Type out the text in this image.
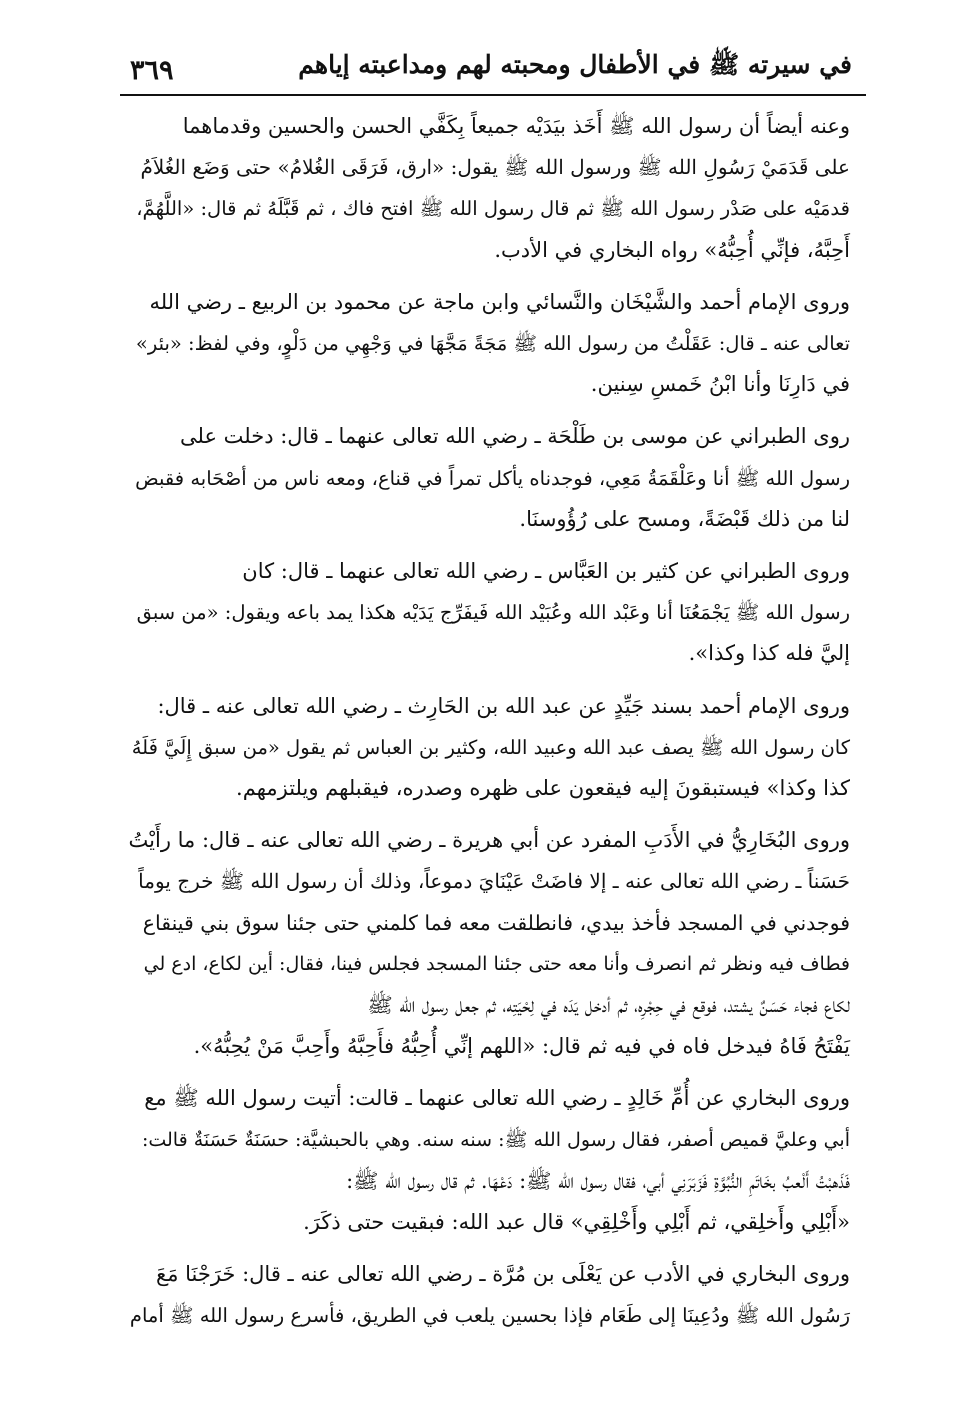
في سيرته ﷺ في الأطفال ومحبته لهم ومداعبته إياهم
٣٦٩

وعنه أيضاً أن رسول الله ﷺ أَخَذ بيَدَيْه جميعاً بِكَفَّي الحسن والحسين وقدماهما
على قَدَمَيْ رَسُولِ الله ﷺ ورسول الله ﷺ يقول: «ارق، فَرَقَى الغُلامُ» حتى وَضَع الغُلاَمُ
قدمَيْه على صَدْر رسول الله ﷺ ثم قال رسول الله ﷺ افتح فاك ، ثم قَبَّلَهُ ثم قال: «اللَّهُمَّ،
أَحِبَّهُ، فإنِّي أُحِبُّهُ» رواه البخاري في الأدب.

وروى الإمام أحمد والشَّيْخَان والنَّسائي وابن ماجة عن محمود بن الربيع ـ رضي الله
تعالى عنه ـ قال: عَقَلْتُ من رسول الله ﷺ مَجَةً مَجَّهَا في وَجْهِي من دَلْوٍ، وفي لفظ: «بئر»
في دَارِنَا وأنا ابْنُ خَمسِ سِنين.

روى الطبراني عن موسى بن طَلْحَة ـ رضي الله تعالى عنهما ـ قال: دخلت على
رسول الله ﷺ أنا وعَلْقَمَةُ مَعِي، فوجدناه يأكل تمراً في قناع، ومعه ناس من أصْحَابه فقبض
لنا من ذلك قَبْضَةً، ومسح على رُؤُوسنَا.

وروى الطبراني عن كثير بن العَبَّاس ـ رضي الله تعالى عنهما ـ قال: كان
رسول الله ﷺ يَجْمَعُنَا أنا وعَبْد الله وعُبَيْد الله فَيفَرِّج يَدَيْه هكذا يمد باعه ويقول: «من سبق
إليَّ فله كذا وكذا».

وروى الإمام أحمد بسند جَيِّدٍ عن عبد الله بن الحَارِث ـ رضي الله تعالى عنه ـ قال:
كان رسول الله ﷺ يصف عبد الله وعبيد الله، وكثير بن العباس ثم يقول «من سبق إِلَيَّ فَلَهُ
كذا وكذا» فيستبقونَ إليه فيقعون على ظهره وصدره، فيقبلهم ويلتزمهم.

وروى البُخَارِيُّ في الأَدَبِ المفرد عن أبي هريرة ـ رضي الله تعالى عنه ـ قال: ما رأَيْتُ
حَسَناً ـ رضي الله تعالى عنه ـ إلا فاضَتْ عَيْنَايَ دموعاً، وذلك أن رسول الله ﷺ خرج يوماً
فوجدني في المسجد فأخذ بيدي، فانطلقت معه فما كلمني حتى جئنا سوق بني قينقاع
فطاف فيه ونظر ثم انصرف وأنا معه حتى جئنا المسجد فجلس فينا، فقال: أين لكاع، ادع لي
لكاع فجاء حَسَنٌ يشتد، فوقع في حِجْرِه، ثم أدخل يَدَه في لِحْيَتِه، ثم جعل رسول الله ﷺ
يَفْتَحُ فَاهُ فيدخل فاه في فيه ثم قال: «اللهم إنِّي أُحِبُّهُ فأَحِبَّهُ وأَحِبَّ مَنْ يُحِبُّهُ».

وروى البخاري عن أُمِّ خَالِدٍ ـ رضي الله تعالى عنهما ـ قالت: أتيت رسول الله ﷺ مع
أبي وعليَّ قميص أصفر، فقال رسول الله ﷺ: سنه سنه. وهي بالحبشيَّة: حسَنَةٌ حَسَنَةٌ قالت:
فَذَهبْتُ أَلْعبُ بخَاتَمِ النُّبُوَّةِ فَزَبَرَنِي أبي، فقال رسول الله ﷺ: دَعْهَا. ثم قال رسول الله ﷺ:
«أَبْلِي وأَخلِقي، ثم أَبْلِي وأَخْلِقِي» قال عبد الله: فبقيت حتى ذكَرَ.

وروى البخاري في الأدب عن يَعْلَى بن مُرَّة ـ رضي الله تعالى عنه ـ قال: خَرَجْنَا مَعَ
رَسُول الله ﷺ ودُعِينَا إلى طَعَام فإذا بحسين يلعب في الطريق، فأسرع رسول الله ﷺ أمام
